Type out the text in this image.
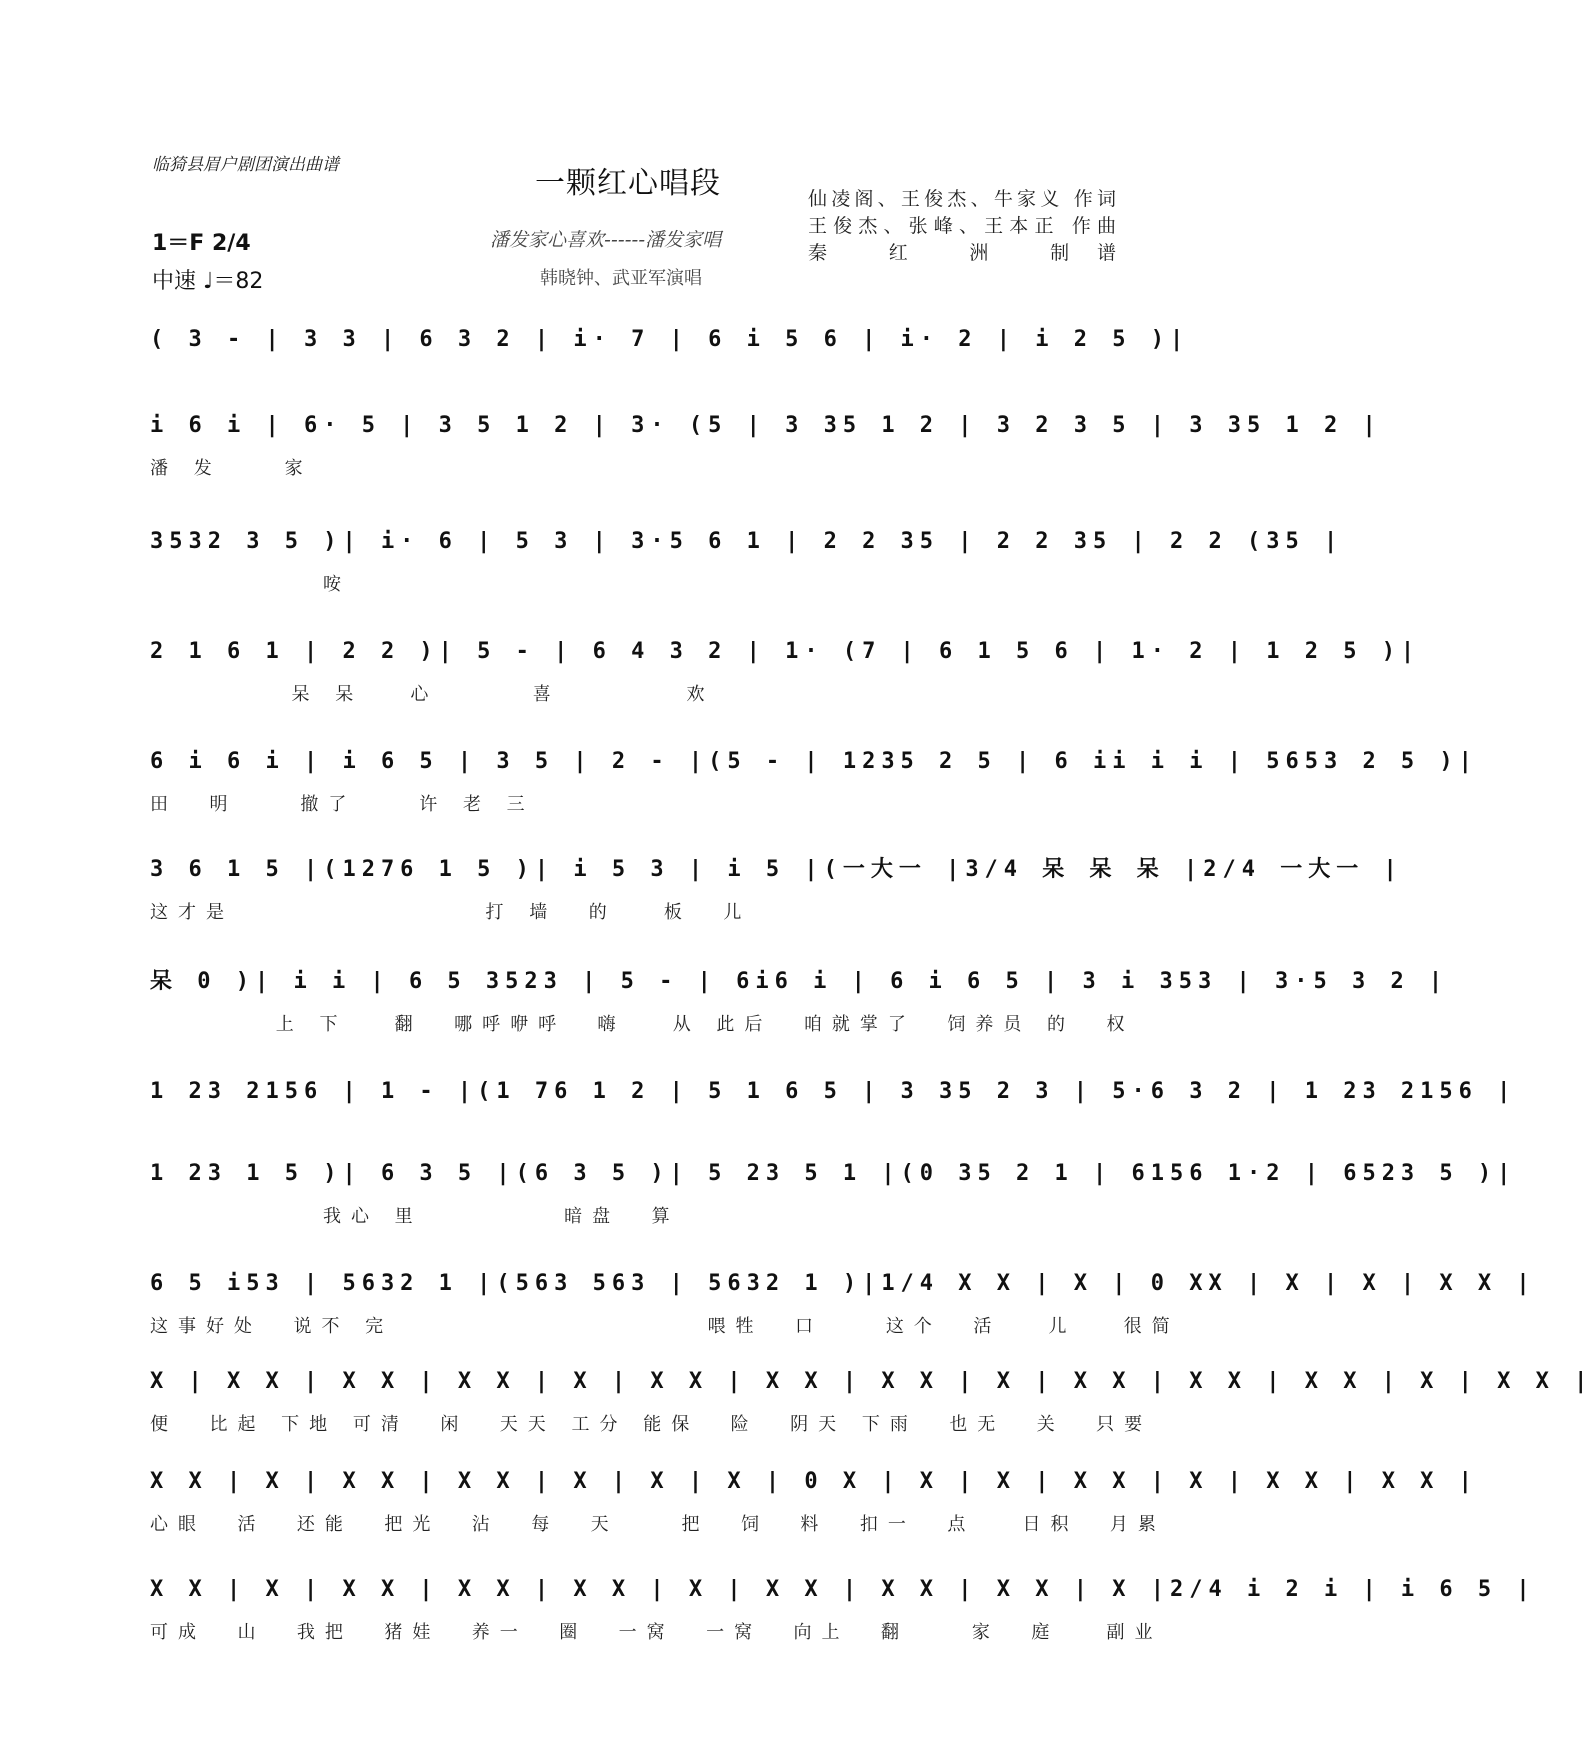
临猗县眉户剧团演出曲谱
一颗红心唱段	仙凌阁、王俊杰、牛家义 作词
王俊杰、张峰、王本正 作曲
秦 红 洲 制谱
1＝F 2/4
中速 ♩＝82
潘发家心喜欢------潘发家唱
韩晓钟、武亚军演唱
( 3 - | 3 3 | 6 3 2 | i· 7 | 6 i 5 6 | i· 2 | i 2 5 )|
i 6 i | 6· 5 | 3 5 1 2 | 3· (5 | 3 35 1 2 | 3 2 3 5 | 3 35 1 2 |
潘 发    家
3532 3 5 )| i· 6 | 5 3 | 3·5 6 1 | 2 2 35 | 2 2 35 | 2 2 (35 |
咹
2 1 6 1 | 2 2 )| 5 - | 6 4 3 2 | 1· (7 | 6 1 5 6 | 1· 2 | 1 2 5 )|
呆 呆   心      喜        欢
6 i 6 i | i 6 5 | 3 5 | 2 - |(5 - | 1235 2 5 | 6 ii i i | 5653 2 5 )|
田  明    撤了    许 老 三
3 6 1 5 |(1276 1 5 )| i 5 3 | i 5 |(一大一 |3/4 呆 呆 呆 |2/4 一大一 |
这才是                打 墙  的   板  儿
呆 0 )| i i | 6 5 3523 | 5 - | 6i6 i | 6 i 6 5 | 3 i 353 | 3·5 3 2 |
上 下   翻  哪呼咿呼  嗨   从 此后  咱就掌了  饲养员 的  权
1 23 2156 | 1 - |(1 76 1 2 | 5 1 6 5 | 3 35 2 3 | 5·6 3 2 | 1 23 2156 |
1 23 1 5 )| 6 3 5 |(6 3 5 )| 5 23 5 1 |(0 35 2 1 | 6156 1·2 | 6523 5 )|
我心 里         暗盘  算
6 5 i53 | 5632 1 |(563 563 | 5632 1 )|1/4 X X | X | 0 XX | X | X | X X |
这事好处  说不 完                    喂牲  口    这个  活   儿   很简
X | X X | X X | X X | X | X X | X X | X X | X | X X | X X | X X | X | X X |
便  比起 下地 可清  闲  天天 工分 能保  险  阴天 下雨  也无  关  只要
X X | X | X X | X X | X | X | X | 0 X | X | X | X X | X | X X | X X |
心眼  活  还能  把光  沾  每  天    把  饲  料  扣一  点   日积  月累
X X | X | X X | X X | X X | X | X X | X X | X X | X |2/4 i 2 i | i 6 5 |
可成  山  我把  猪娃  养一  圈  一窝  一窝  向上  翻    家  庭   副业
